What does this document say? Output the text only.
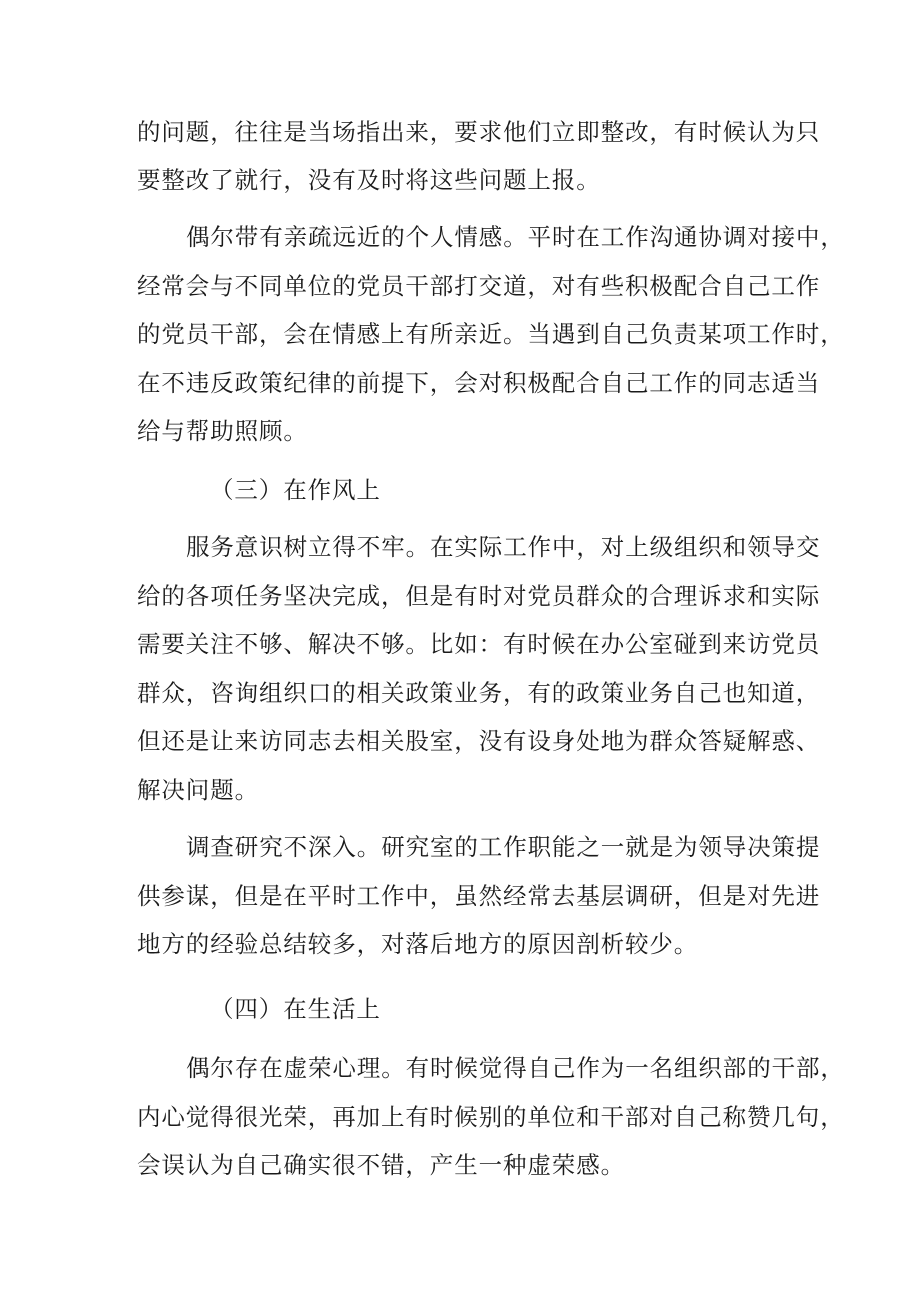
的问题，往往是当场指出来，要求他们立即整改，有时候认为只
要整改了就行，没有及时将这些问题上报。
偶尔带有亲疏远近的个人情感。平时在工作沟通协调对接中，
经常会与不同单位的党员干部打交道，对有些积极配合自己工作
的党员干部，会在情感上有所亲近。当遇到自己负责某项工作时，
在不违反政策纪律的前提下，会对积极配合自己工作的同志适当
给与帮助照顾。
（三）在作风上
服务意识树立得不牢。在实际工作中，对上级组织和领导交
给的各项任务坚决完成，但是有时对党员群众的合理诉求和实际
需要关注不够、解决不够。比如：有时候在办公室碰到来访党员
群众，咨询组织口的相关政策业务，有的政策业务自己也知道，
但还是让来访同志去相关股室，没有设身处地为群众答疑解惑、
解决问题。
调查研究不深入。研究室的工作职能之一就是为领导决策提
供参谋，但是在平时工作中，虽然经常去基层调研，但是对先进
地方的经验总结较多，对落后地方的原因剖析较少。
（四）在生活上
偶尔存在虚荣心理。有时候觉得自己作为一名组织部的干部，
内心觉得很光荣，再加上有时候别的单位和干部对自己称赞几句，
会误认为自己确实很不错，产生一种虚荣感。
